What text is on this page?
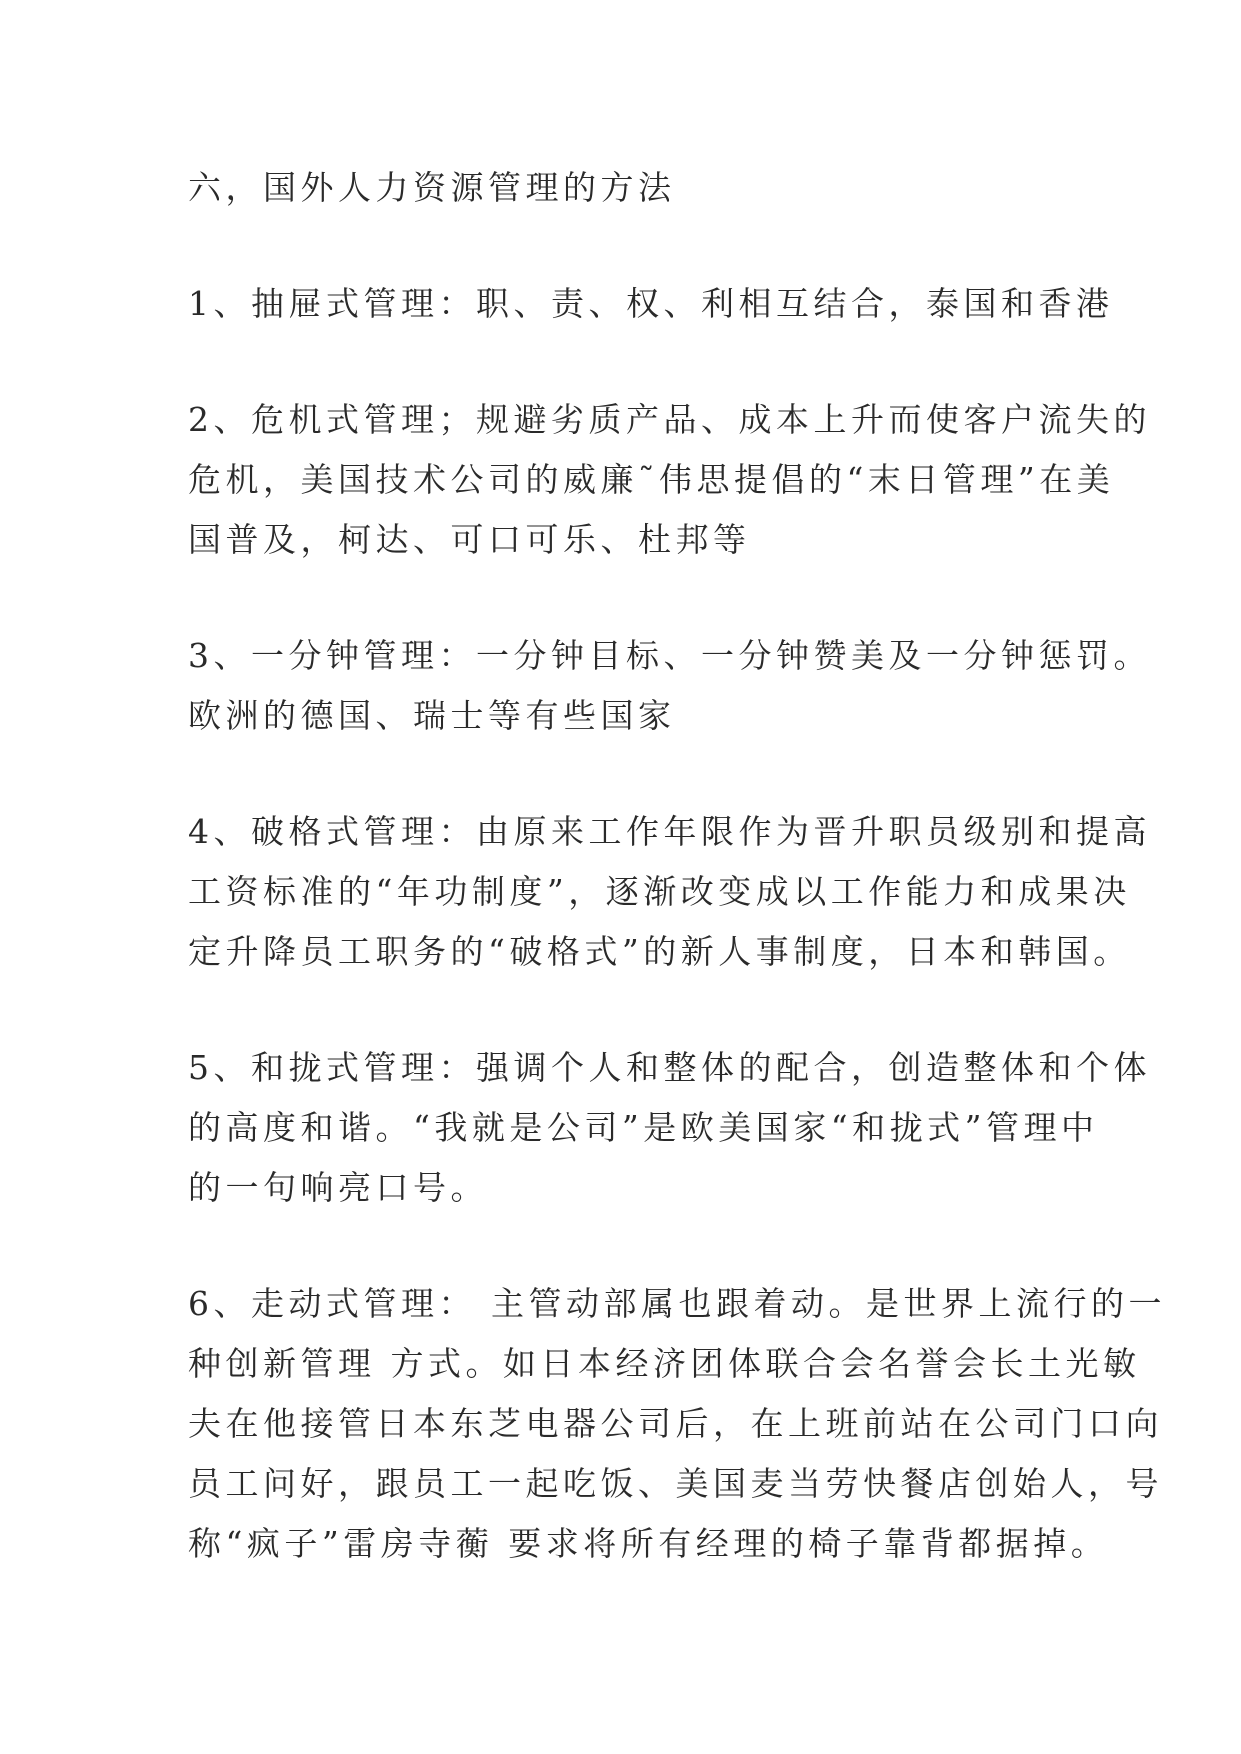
六，国外人力资源管理的方法
1、抽屉式管理：职、责、权、利相互结合，泰国和香港
2、危机式管理；规避劣质产品、成本上升而使客户流失的
危机，美国技术公司的威廉˜伟思提倡的“末日管理”在美
国普及，柯达、可口可乐、杜邦等
3、一分钟管理：一分钟目标、一分钟赞美及一分钟惩罚。
欧洲的德国、瑞士等有些国家
4、破格式管理：由原来工作年限作为晋升职员级别和提高
工资标准的“年功制度”，逐渐改变成以工作能力和成果决
定升降员工职务的“破格式”的新人事制度，日本和韩国。
5、和拢式管理：强调个人和整体的配合，创造整体和个体
的高度和谐。“我就是公司”是欧美国家“和拢式”管理中
的一句响亮口号。
6、走动式管理： 主管动部属也跟着动。是世界上流行的一
种创新管理 方式。如日本经济团体联合会名誉会长土光敏
夫在他接管日本东芝电器公司后，在上班前站在公司门口向
员工问好，跟员工一起吃饭、美国麦当劳快餐店创始人，号
称“疯子”雷房寺蘅 要求将所有经理的椅子靠背都据掉。
